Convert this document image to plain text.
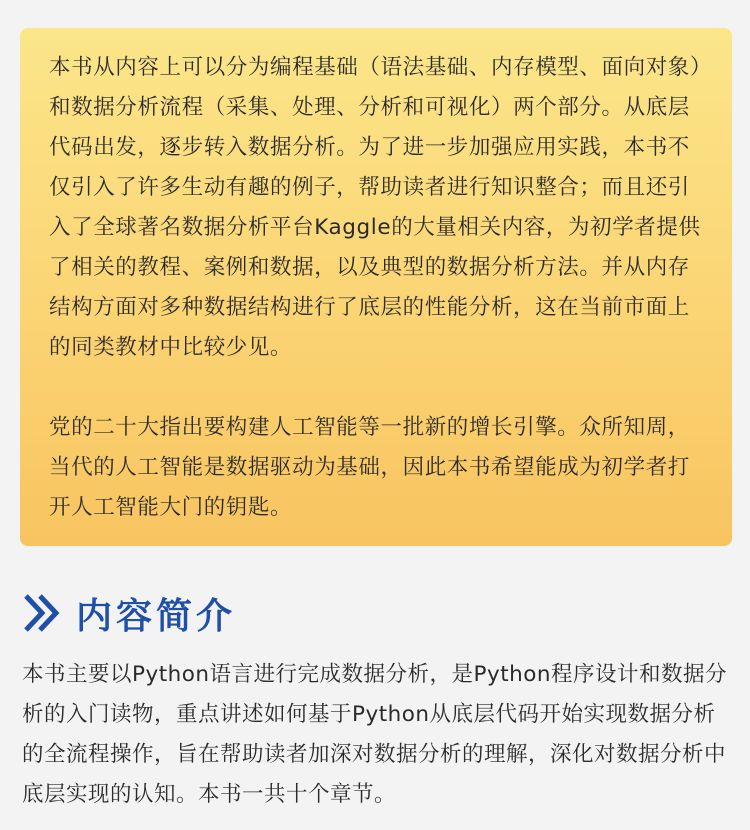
本书从内容上可以分为编程基础（语法基础、内存模型、面向对象）和数据分析流程（采集、处理、分析和可视化）两个部分。从底层代码出发，逐步转入数据分析。为了进一步加强应用实践，本书不仅引入了许多生动有趣的例子，帮助读者进行知识整合；而且还引入了全球著名数据分析平台Kaggle的大量相关内容，为初学者提供了相关的教程、案例和数据，以及典型的数据分析方法。并从内存结构方面对多种数据结构进行了底层的性能分析，这在当前市面上的同类教材中比较少见。

党的二十大指出要构建人工智能等一批新的增长引擎。众所知周，当代的人工智能是数据驱动为基础，因此本书希望能成为初学者打开人工智能大门的钥匙。

内容简介

本书主要以Python语言进行完成数据分析，是Python程序设计和数据分析的入门读物，重点讲述如何基于Python从底层代码开始实现数据分析的全流程操作，旨在帮助读者加深对数据分析的理解，深化对数据分析中底层实现的认知。本书一共十个章节。
